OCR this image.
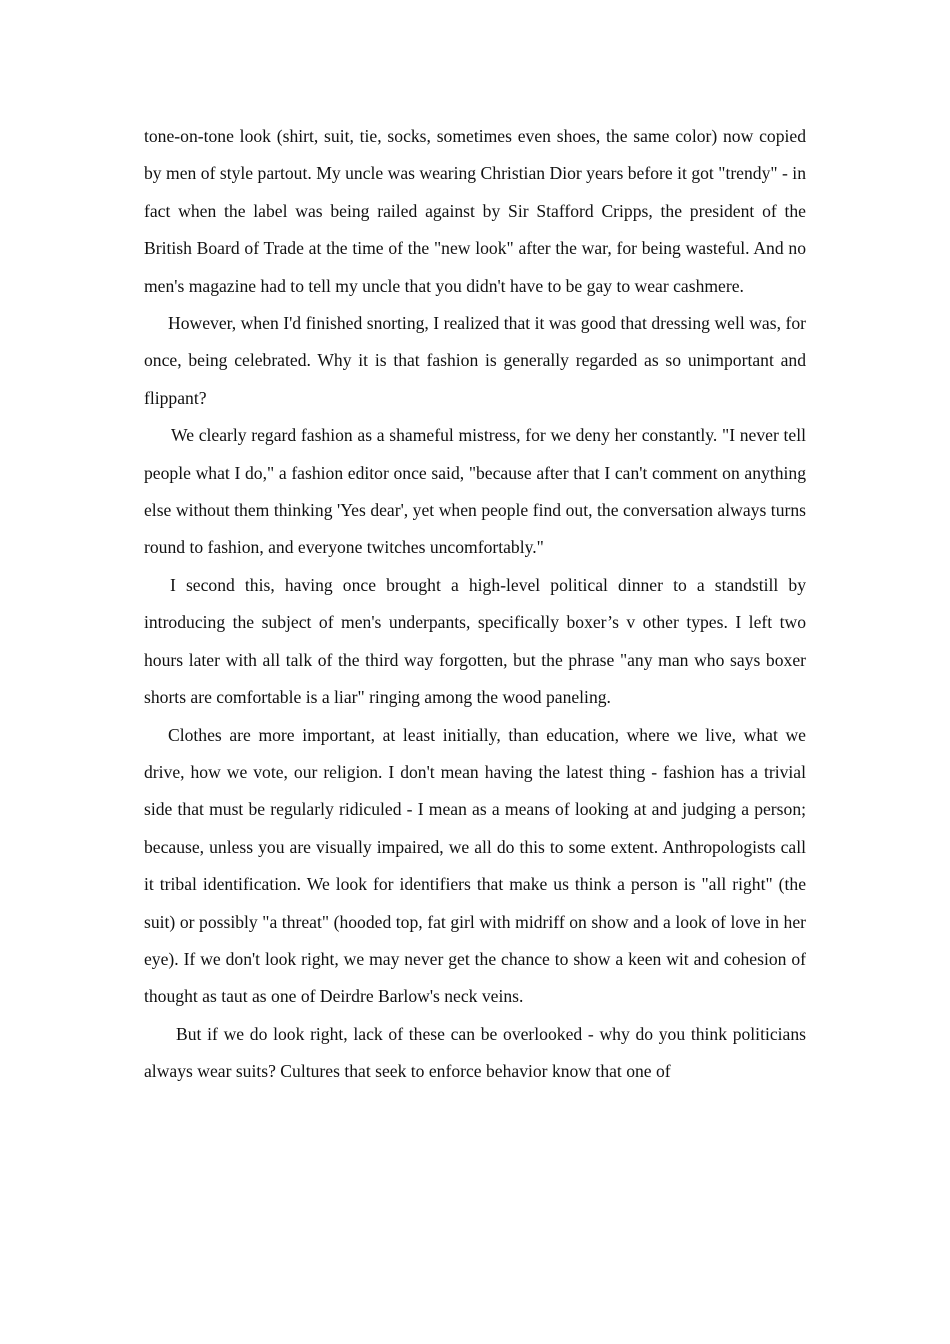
tone-on-tone look (shirt, suit, tie, socks, sometimes even shoes, the same color) now copied by men of style partout. My uncle was wearing Christian Dior years before it got "trendy" - in fact when the label was being railed against by Sir Stafford Cripps, the president of the British Board of Trade at the time of the "new look" after the war, for being wasteful. And no men's magazine had to tell my uncle that you didn't have to be gay to wear cashmere.

However, when I'd finished snorting, I realized that it was good that dressing well was, for once, being celebrated. Why it is that fashion is generally regarded as so unimportant and flippant?

We clearly regard fashion as a shameful mistress, for we deny her constantly. "I never tell people what I do," a fashion editor once said, "because after that I can't comment on anything else without them thinking 'Yes dear', yet when people find out, the conversation always turns round to fashion, and everyone twitches uncomfortably."

I second this, having once brought a high-level political dinner to a standstill by introducing the subject of men's underpants, specifically boxer’s v other types. I left two hours later with all talk of the third way forgotten, but the phrase "any man who says boxer shorts are comfortable is a liar" ringing among the wood paneling.

Clothes are more important, at least initially, than education, where we live, what we drive, how we vote, our religion. I don't mean having the latest thing - fashion has a trivial side that must be regularly ridiculed - I mean as a means of looking at and judging a person; because, unless you are visually impaired, we all do this to some extent. Anthropologists call it tribal identification. We look for identifiers that make us think a person is "all right" (the suit) or possibly "a threat" (hooded top, fat girl with midriff on show and a look of love in her eye). If we don't look right, we may never get the chance to show a keen wit and cohesion of thought as taut as one of Deirdre Barlow's neck veins.

But if we do look right, lack of these can be overlooked - why do you think politicians always wear suits? Cultures that seek to enforce behavior know that one of
